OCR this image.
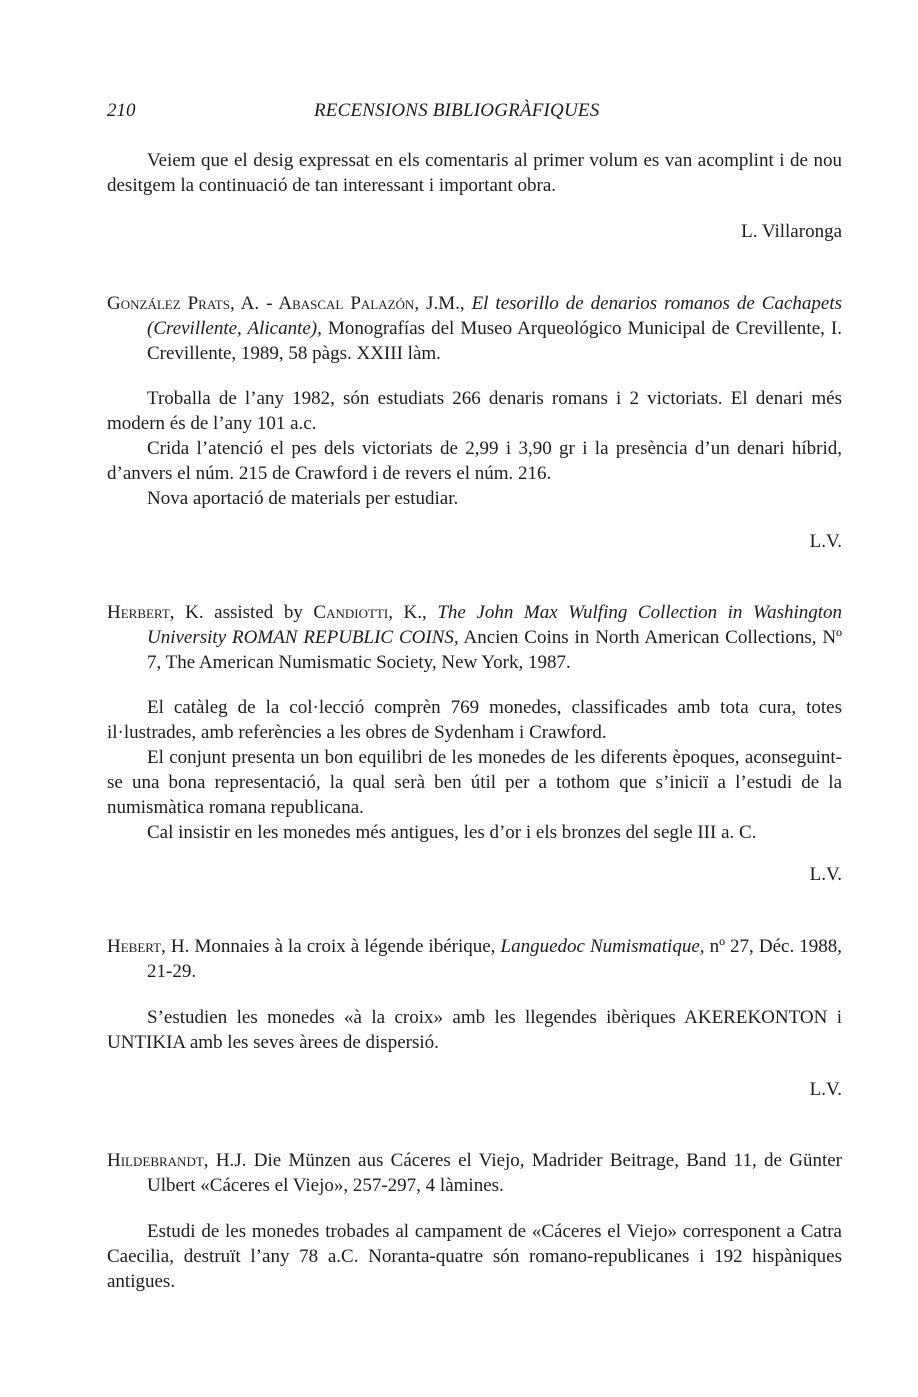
210	RECENSIONS BIBLIOGRÀFIQUES

Veiem que el desig expressat en els comentaris al primer volum es van acomplint i de nou desitgem la continuació de tan interessant i important obra.

L. Villaronga

González Prats, A. - Abascal Palazón, J.M., El tesorillo de denarios romanos de Cachapets (Crevillente, Alicante), Monografías del Museo Arqueológico Municipal de Crevillente, I. Crevillente, 1989, 58 pàgs. XXIII làm.

Troballa de l’any 1982, són estudiats 266 denaris romans i 2 victoriats. El denari més modern és de l’any 101 a.c.

Crida l’atenció el pes dels victoriats de 2,99 i 3,90 gr i la presència d’un denari híbrid, d’anvers el núm. 215 de Crawford i de revers el núm. 216.

Nova aportació de materials per estudiar.

L.V.

Herbert, K. assisted by Candiotti, K., The John Max Wulfing Collection in Washington University ROMAN REPUBLIC COINS, Ancien Coins in North American Collections, Nº 7, The American Numismatic Society, New York, 1987.

El catàleg de la col·lecció comprèn 769 monedes, classificades amb tota cura, totes il·lustrades, amb referències a les obres de Sydenham i Crawford.

El conjunt presenta un bon equilibri de les monedes de les diferents èpoques, aconseguint-se una bona representació, la qual serà ben útil per a tothom que s’iniciï a l’estudi de la numismàtica romana republicana.

Cal insistir en les monedes més antigues, les d’or i els bronzes del segle III a. C.

L.V.

Hebert, H. Monnaies à la croix à légende ibérique, Languedoc Numismatique, nº 27, Déc. 1988, 21-29.

S’estudien les monedes «à la croix» amb les llegendes ibèriques AKEREKONTON i UNTIKIA amb les seves àrees de dispersió.

L.V.

Hildebrandt, H.J. Die Münzen aus Cáceres el Viejo, Madrider Beitrage, Band 11, de Günter Ulbert «Cáceres el Viejo», 257-297, 4 làmines.

Estudi de les monedes trobades al campament de «Cáceres el Viejo» corresponent a Catra Caecilia, destruït l’any 78 a.C. Noranta-quatre són romano-republicanes i 192 hispàniques antigues.
